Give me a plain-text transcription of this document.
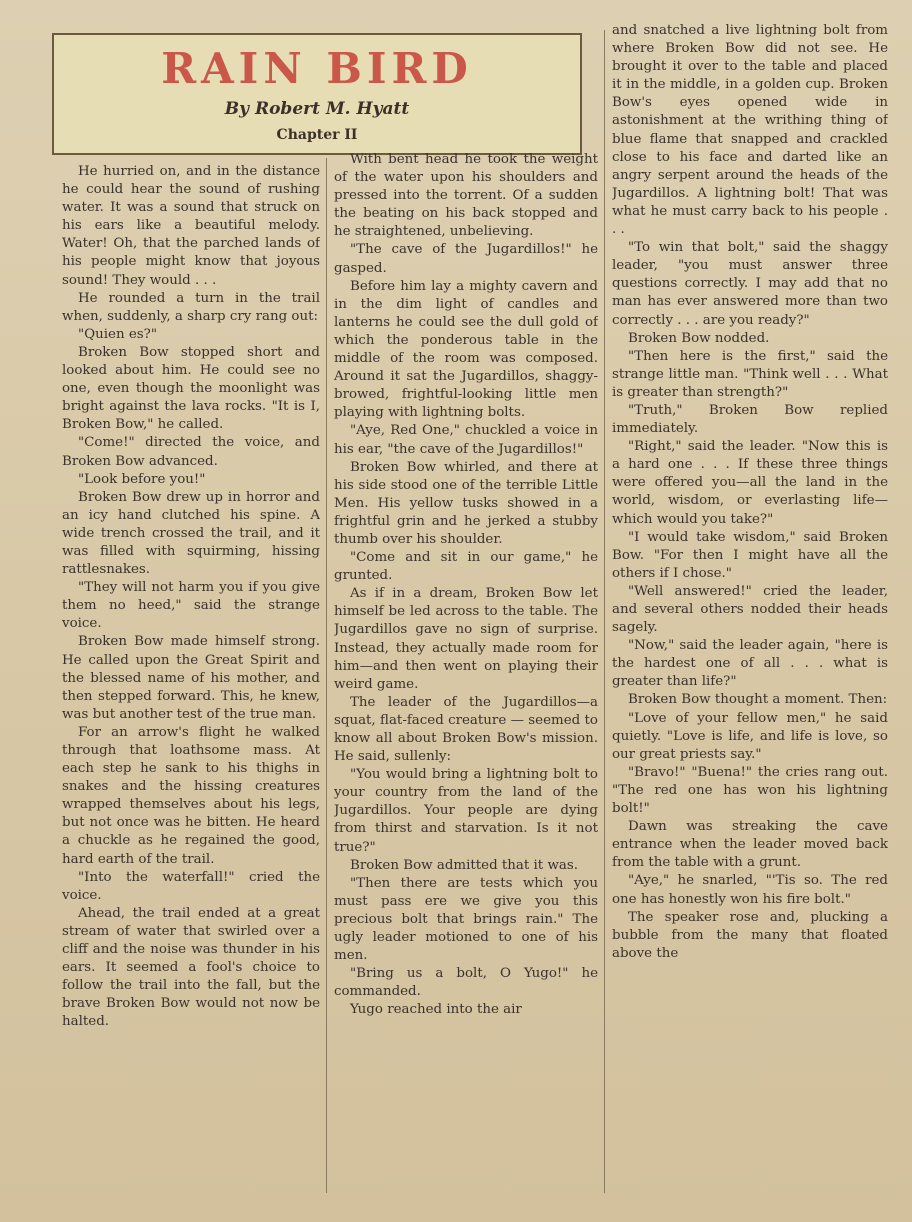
RAIN BIRD
By Robert M. Hyatt
Chapter II

He hurried on, and in the distance he could hear the sound of rushing water. It was a sound that struck on his ears like a beautiful melody. Water! Oh, that the parched lands of his people might know that joyous sound! They would . . .

He rounded a turn in the trail when, suddenly, a sharp cry rang out:

"Quien es?"

Broken Bow stopped short and looked about him. He could see no one, even though the moonlight was bright against the lava rocks. "It is I, Broken Bow," he called.

"Come!" directed the voice, and Broken Bow advanced.

"Look before you!"

Broken Bow drew up in horror and an icy hand clutched his spine. A wide trench crossed the trail, and it was filled with squirming, hissing rattlesnakes.

"They will not harm you if you give them no heed," said the strange voice.

Broken Bow made himself strong. He called upon the Great Spirit and the blessed name of his mother, and then stepped forward. This, he knew, was but another test of the true man.

For an arrow's flight he walked through that loathsome mass. At each step he sank to his thighs in snakes and the hissing creatures wrapped themselves about his legs, but not once was he bitten. He heard a chuckle as he regained the good, hard earth of the trail.

"Into the waterfall!" cried the voice.

Ahead, the trail ended at a great stream of water that swirled over a cliff and the noise was thunder in his ears. It seemed a fool's choice to follow the trail into the fall, but the brave Broken Bow would not now be halted.

With bent head he took the weight of the water upon his shoulders and pressed into the torrent. Of a sudden the beating on his back stopped and he straightened, unbelieving.

"The cave of the Jugardillos!" he gasped.

Before him lay a mighty cavern and in the dim light of candles and lanterns he could see the dull gold of which the ponderous table in the middle of the room was composed. Around it sat the Jugardillos, shaggy-browed, frightful-looking little men playing with lightning bolts.

"Aye, Red One," chuckled a voice in his ear, "the cave of the Jugardillos!"

Broken Bow whirled, and there at his side stood one of the terrible Little Men. His yellow tusks showed in a frightful grin and he jerked a stubby thumb over his shoulder.

"Come and sit in our game," he grunted.

As if in a dream, Broken Bow let himself be led across to the table. The Jugardillos gave no sign of surprise. Instead, they actually made room for him—and then went on playing their weird game.

The leader of the Jugardillos—a squat, flat-faced creature — seemed to know all about Broken Bow's mission. He said, sullenly:

"You would bring a lightning bolt to your country from the land of the Jugardillos. Your people are dying from thirst and starvation. Is it not true?"

Broken Bow admitted that it was.

"Then there are tests which you must pass ere we give you this precious bolt that brings rain." The ugly leader motioned to one of his men.

"Bring us a bolt, O Yugo!" he commanded.

Yugo reached into the air

and snatched a live lightning bolt from where Broken Bow did not see. He brought it over to the table and placed it in the middle, in a golden cup. Broken Bow's eyes opened wide in astonishment at the writhing thing of blue flame that snapped and crackled close to his face and darted like an angry serpent around the heads of the Jugardillos. A lightning bolt! That was what he must carry back to his people . . .

"To win that bolt," said the shaggy leader, "you must answer three questions correctly. I may add that no man has ever answered more than two correctly . . . are you ready?"

Broken Bow nodded.

"Then here is the first," said the strange little man. "Think well . . . What is greater than strength?"

"Truth," Broken Bow replied immediately.

"Right," said the leader. "Now this is a hard one . . . If these three things were offered you—all the land in the world, wisdom, or everlasting life—which would you take?"

"I would take wisdom," said Broken Bow. "For then I might have all the others if I chose."

"Well answered!" cried the leader, and several others nodded their heads sagely.

"Now," said the leader again, "here is the hardest one of all . . . what is greater than life?"

Broken Bow thought a moment. Then:

"Love of your fellow men," he said quietly. "Love is life, and life is love, so our great priests say."

"Bravo!" "Buena!" the cries rang out. "The red one has won his lightning bolt!"

Dawn was streaking the cave entrance when the leader moved back from the table with a grunt.

"Aye," he snarled, "'Tis so. The red one has honestly won his fire bolt."

The speaker rose and, plucking a bubble from the many that floated above the
